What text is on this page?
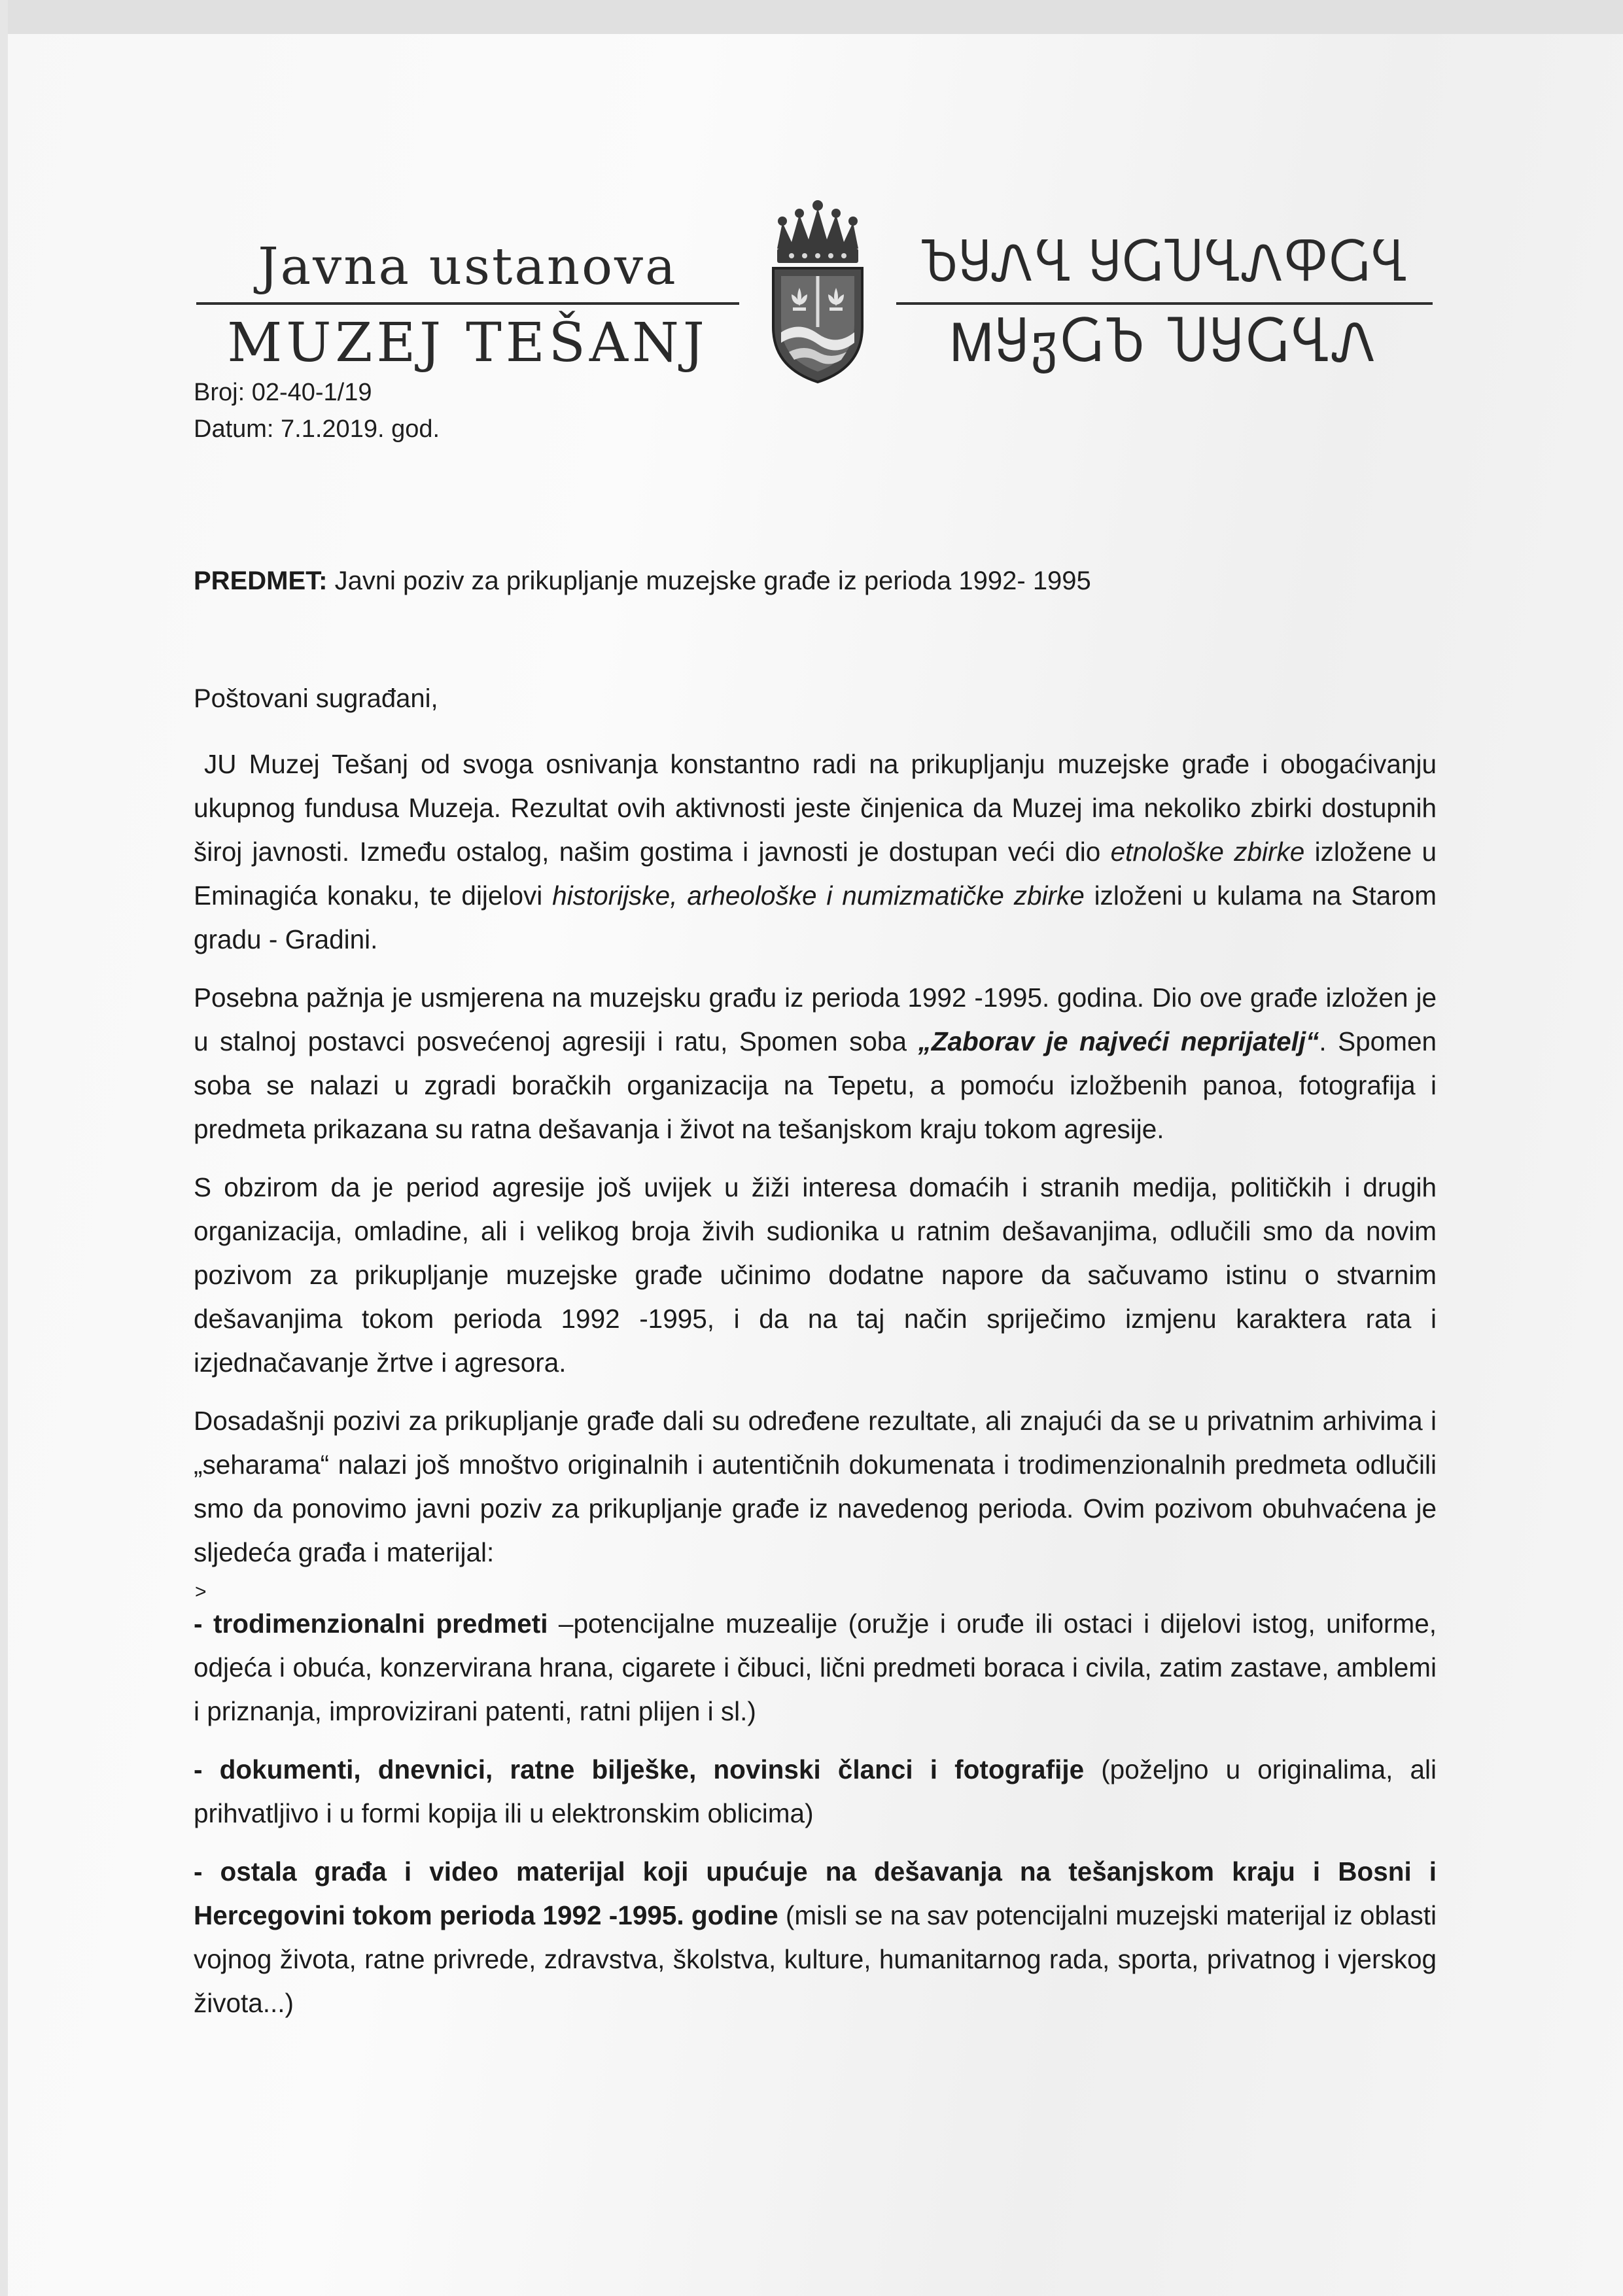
Javna ustanova
MUZEJ TEŠANJ
ႦႸᏁႡ ႸႺႮႡᏁႴႺႡ
ᎷႸჳႺႦ ႮႸႺႡᏁ
Broj: 02-40-1/19
Datum: 7.1.2019. god.
PREDMET: Javni poziv za prikupljanje muzejske građe iz perioda 1992- 1995
Poštovani sugrađani,

JU Muzej Tešanj od svoga osnivanja konstantno radi na prikupljanju muzejske građe i obogaćivanju ukupnog fundusa Muzeja. Rezultat ovih aktivnosti jeste činjenica da Muzej ima nekoliko zbirki dostupnih široj javnosti. Između ostalog, našim gostima i javnosti je dostupan veći dio etnološke zbirke izložene u Eminagića konaku, te dijelovi historijske, arheološke i numizmatičke zbirke izloženi u kulama na Starom gradu - Gradini.

Posebna pažnja je usmjerena na muzejsku građu iz perioda 1992 -1995. godina. Dio ove građe izložen je u stalnoj postavci posvećenoj agresiji i ratu, Spomen soba „Zaborav je najveći neprijatelj“. Spomen soba se nalazi u zgradi boračkih organizacija na Tepetu, a pomoću izložbenih panoa, fotografija i predmeta prikazana su ratna dešavanja i život na tešanjskom kraju tokom agresije.

S obzirom da je period agresije još uvijek u žiži interesa domaćih i stranih medija, političkih i drugih organizacija, omladine, ali i velikog broja živih sudionika u ratnim dešavanjima, odlučili smo da novim pozivom za prikupljanje muzejske građe učinimo dodatne napore da sačuvamo istinu o stvarnim dešavanjima tokom perioda 1992 -1995, i da na taj način spriječimo izmjenu karaktera rata i izjednačavanje žrtve i agresora.

Dosadašnji pozivi za prikupljanje građe dali su određene rezultate, ali znajući da se u privatnim arhivima i „seharama“ nalazi još mnoštvo originalnih i autentičnih dokumenata i trodimenzionalnih predmeta odlučili smo da ponovimo javni poziv za prikupljanje građe iz navedenog perioda. Ovim pozivom obuhvaćena je sljedeća građa i materijal:

˃

- trodimenzionalni predmeti –potencijalne muzealije (oružje i oruđe ili ostaci i dijelovi istog, uniforme, odjeća i obuća, konzervirana hrana, cigarete i čibuci, lični predmeti boraca i civila, zatim zastave, amblemi i priznanja, improvizirani patenti, ratni plijen i sl.)

- dokumenti, dnevnici, ratne bilješke, novinski članci i fotografije (poželjno u originalima, ali prihvatljivo i u formi kopija ili u elektronskim oblicima)

- ostala građa i video materijal koji upućuje na dešavanja na tešanjskom kraju i Bosni i Hercegovini tokom perioda 1992 -1995. godine (misli se na sav potencijalni muzejski materijal iz oblasti vojnog života, ratne privrede, zdravstva, školstva, kulture, humanitarnog rada, sporta, privatnog i vjerskog života...)
